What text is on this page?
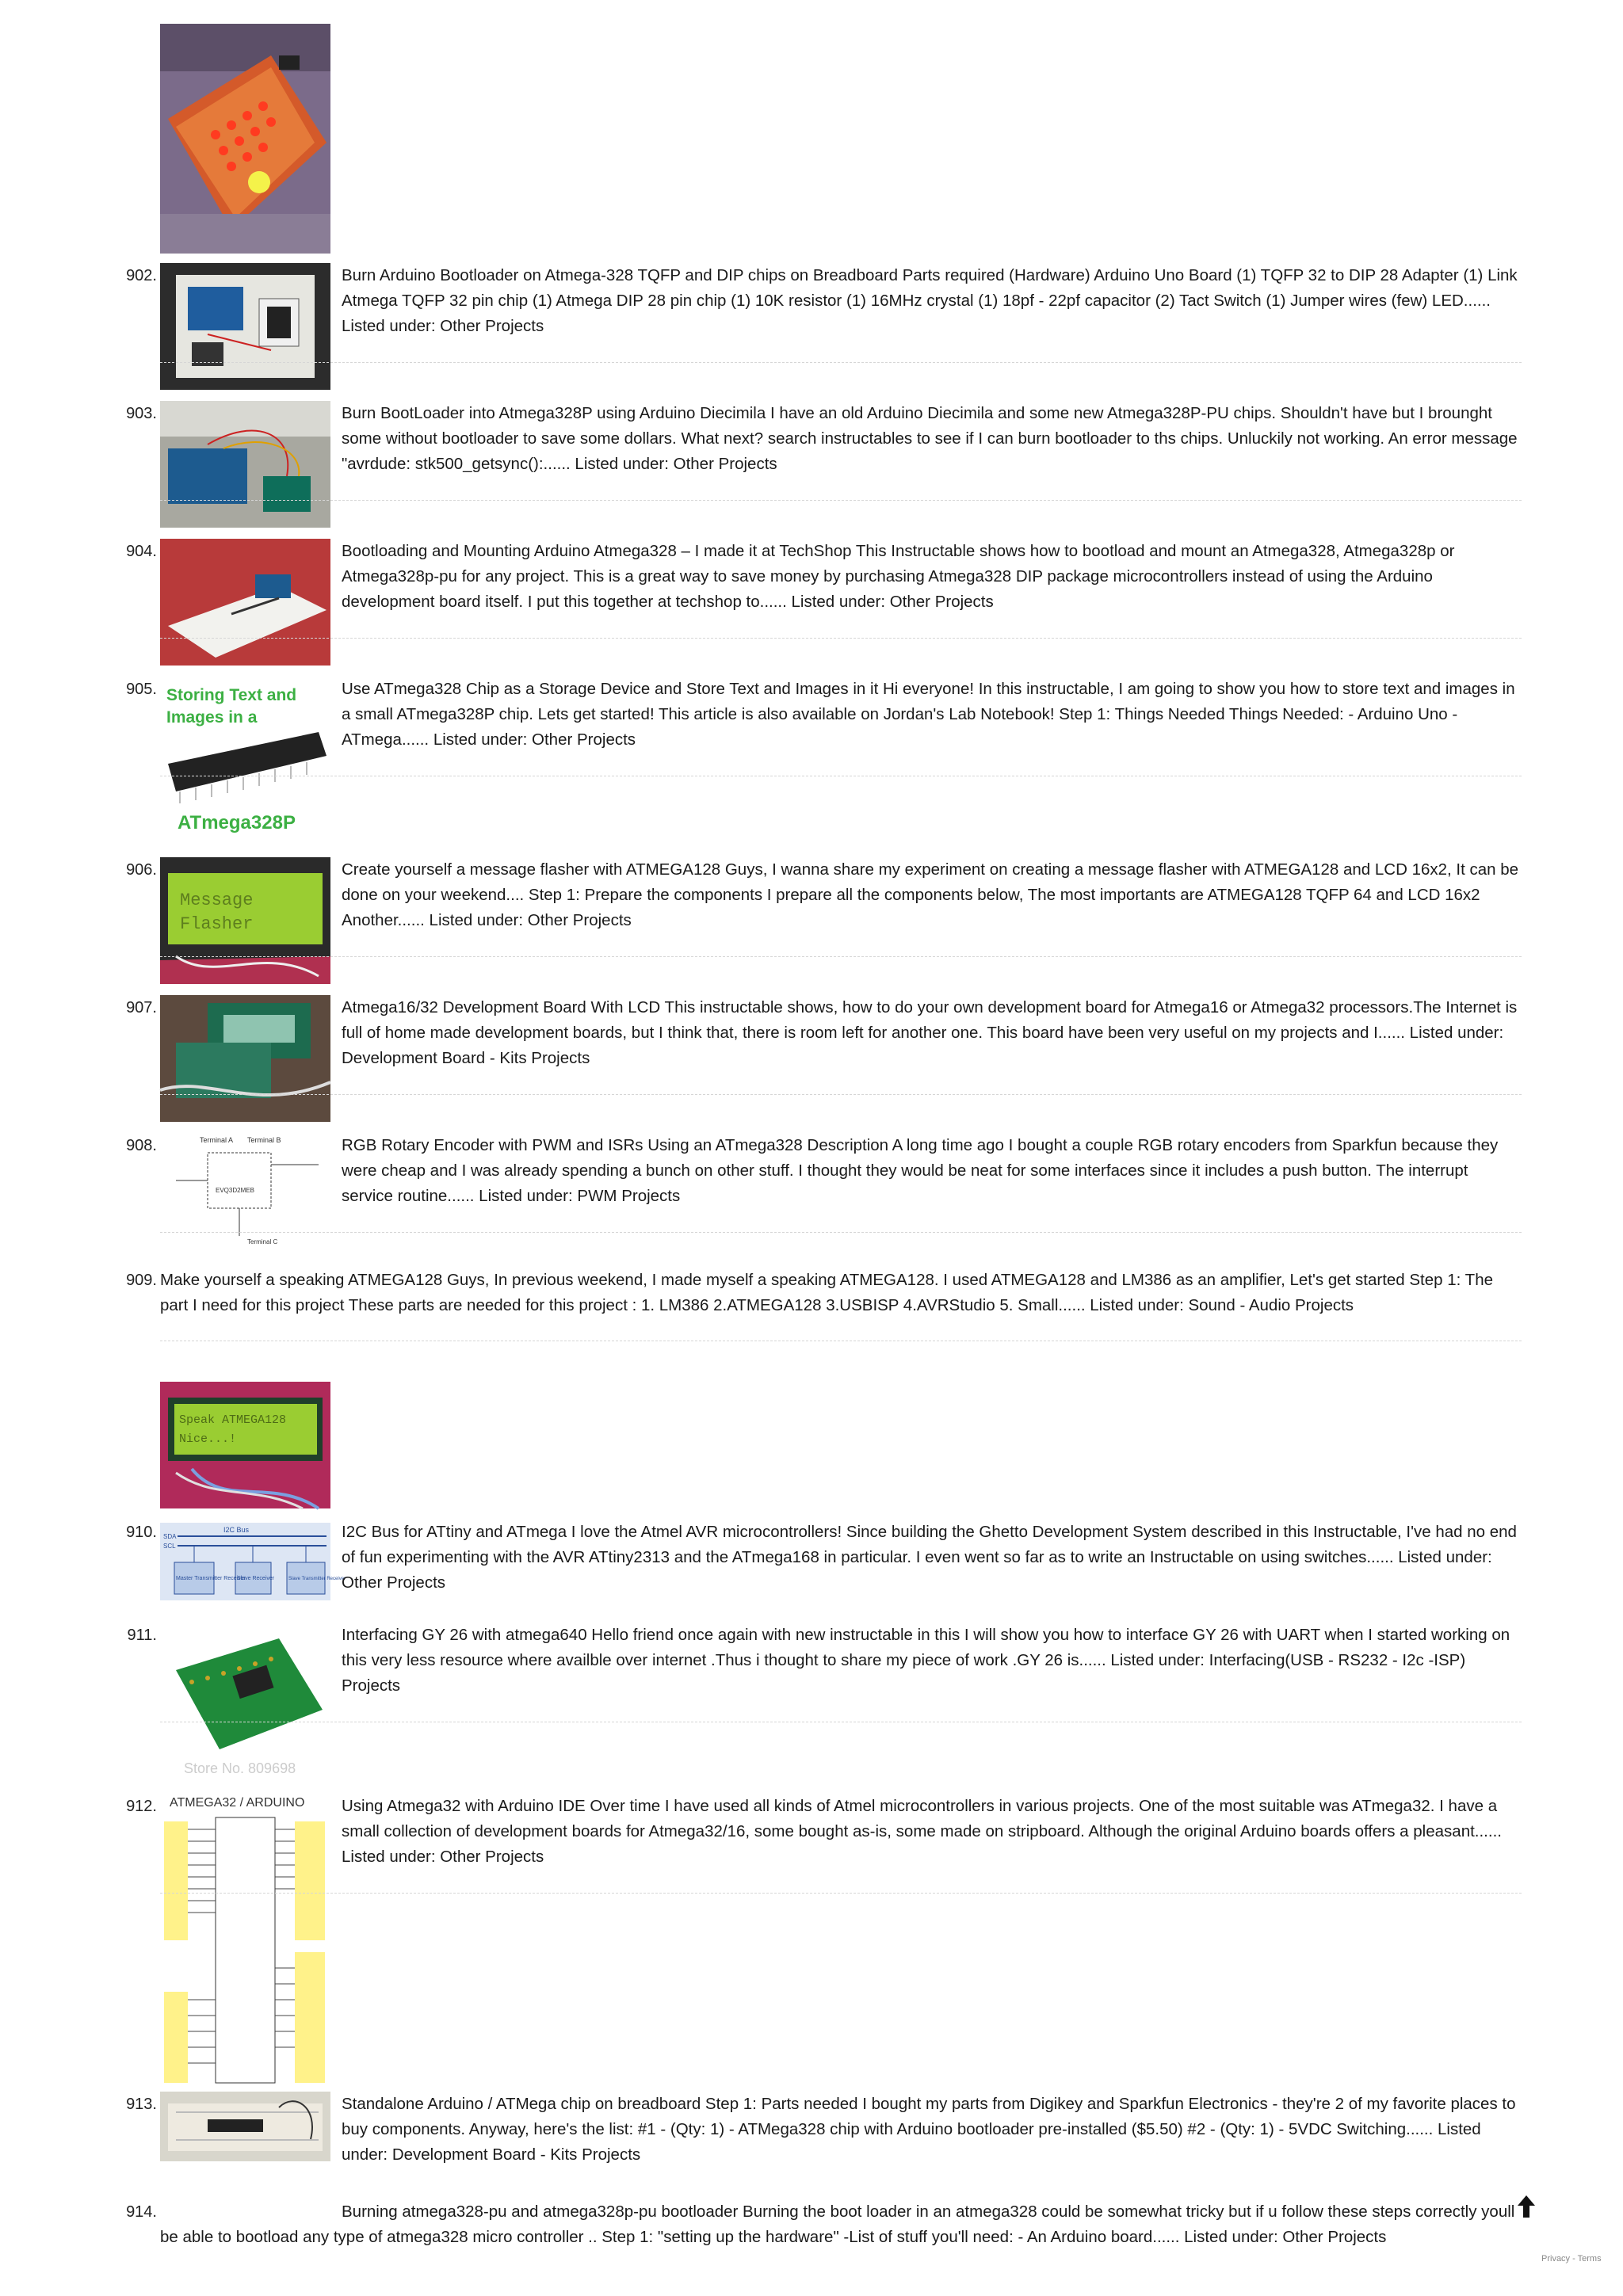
902.	Burn Arduino Bootloader on Atmega-328 TQFP and DIP chips on Breadboard Parts required (Hardware) Arduino Uno Board (1) TQFP 32 to DIP 28 Adapter (1) Link Atmega TQFP 32 pin chip (1) Atmega DIP 28 pin chip (1) 10K resistor (1) 16MHz crystal (1) 18pf - 22pf capacitor (2) Tact Switch (1) Jumper wires (few) LED...... Listed under: Other Projects
903.	Burn BootLoader into Atmega328P using Arduino Diecimila I have an old Arduino Diecimila and some new Atmega328P-PU chips. Shouldn't have but I brounght some without bootloader to save some dollars. What next? search instructables to see if I can burn bootloader to ths chips. Unluckily not working. An error message "avrdude: stk500_getsync():...... Listed under: Other Projects
904.	Bootloading and Mounting Arduino Atmega328 – I made it at TechShop This Instructable shows how to bootload and mount an Atmega328, Atmega328p or Atmega328p-pu for any project. This is a great way to save money by purchasing Atmega328 DIP package microcontrollers instead of using the Arduino development board itself. I put this together at techshop to...... Listed under: Other Projects
905. Storing Text and
Images in a
ATmega328P
Use ATmega328 Chip as a Storage Device and Store Text and Images in it Hi everyone! In this instructable, I am going to show you how to store text and images in a small ATmega328P chip. Lets get started! This article is also available on Jordan's Lab Notebook! Step 1: Things Needed Things Needed: - Arduino Uno - ATmega...... Listed under: Other Projects
906.
Message
Flasher
Create yourself a message flasher with ATMEGA128 Guys, I wanna share my experiment on creating a message flasher with ATMEGA128 and LCD 16x2, It can be done on your weekend.... Step 1: Prepare the components I prepare all the components below, The most importants are ATMEGA128 TQFP 64 and LCD 16x2 Another...... Listed under: Other Projects
907.	Atmega16/32 Development Board With LCD This instructable shows, how to do your own development board for Atmega16 or Atmega32 processors.The Internet is full of home made development boards, but I think that, there is room left for another one. This board have been very useful on my projects and I...... Listed under: Development Board - Kits Projects
908.	Terminal A Terminal B
EVQ3D2MEB
Terminal C
RGB Rotary Encoder with PWM and ISRs Using an ATmega328 Description A long time ago I bought a couple RGB rotary encoders from Sparkfun because they were cheap and I was already spending a bunch on other stuff. I thought they would be neat for some interfaces since it includes a push button. The interrupt service routine...... Listed under: PWM Projects
909. Make yourself a speaking ATMEGA128 Guys, In previous weekend, I made myself a speaking ATMEGA128. I used ATMEGA128 and LM386 as an amplifier, Let's get started Step 1: The part I need for this project These parts are needed for this project : 1. LM386 2.ATMEGA128 3.USBISP 4.AVRStudio 5. Small...... Listed under: Sound - Audio Projects
Speak ATMEGA128
Nice...!
910.	I2C Bus
SDA
SCL
Master Transmitter Receiver
Slave Receiver	Slave Transmitter Receiver
I2C Bus for ATtiny and ATmega I love the Atmel AVR microcontrollers! Since building the Ghetto Development System described in this Instructable, I've had no end of fun experimenting with the AVR ATtiny2313 and the ATmega168 in particular. I even went so far as to write an Instructable on using switches...... Listed under: Other Projects
911.
Store No. 809698
Interfacing GY 26 with atmega640 Hello friend once again with new instructable in this I will show you how to interface GY 26 with UART when I started working on this very less resource where availble over internet .Thus i thought to share my piece of work .GY 26 is...... Listed under: Interfacing(USB - RS232 - I2c -ISP) Projects
912. ATMEGA32 / ARDUINO Using Atmega32 with Arduino IDE Over time I have used all kinds of Atmel microcontrollers in various projects. One of the most suitable was ATmega32. I have a small collection of development boards for Atmega32/16, some bought as-is, some made on stripboard. Although the original Arduino boards offers a pleasant...... Listed under: Other Projects
913.	Standalone Arduino / ATMega chip on breadboard Step 1: Parts needed I bought my parts from Digikey and Sparkfun Electronics - they're 2 of my favorite places to buy components. Anyway, here's the list: #1 - (Qty: 1) - ATMega328 chip with Arduino bootloader pre-installed ($5.50) #2 - (Qty: 1) - 5VDC Switching...... Listed under: Development Board - Kits Projects
914.	Burning atmega328-pu and atmega328p-pu bootloader Burning the boot loader in an atmega328 could be somewhat tricky but if u follow these steps correctly youll be able to bootload any type of atmega328 micro controller .. Step 1: "setting up the hardware" -List of stuff you'll need: - An Arduino board...... Listed under: Other Projects
Privacy - Terms
